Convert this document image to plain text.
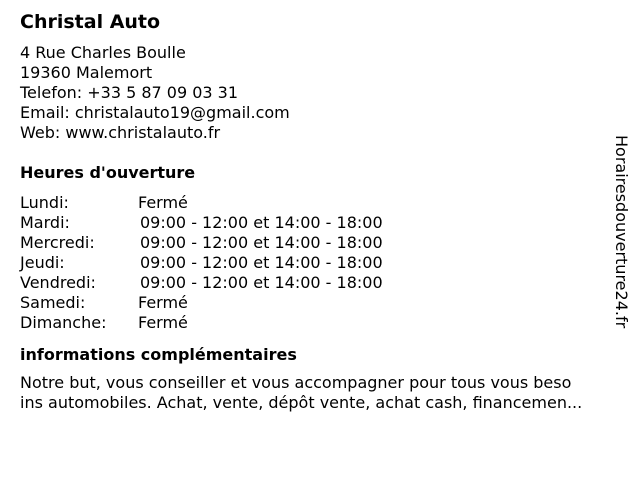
Christal Auto
4 Rue Charles Boulle
19360 Malemort
Telefon: +33 5 87 09 03 31
Email: christalauto19@gmail.com
Web: www.christalauto.fr
Heures d'ouverture
Lundi:	Fermé
Mardi:	09:00 - 12:00 et 14:00 - 18:00
Mercredi:	09:00 - 12:00 et 14:00 - 18:00
Jeudi:	09:00 - 12:00 et 14:00 - 18:00
Vendredi:	09:00 - 12:00 et 14:00 - 18:00
Samedi:	Fermé
Dimanche: Fermé
informations complémentaires
Notre but, vous conseiller et vous accompagner pour tous vous beso
ins automobiles. Achat, vente, dépôt vente, achat cash, financemen...
Horairesdouverture24.fr
